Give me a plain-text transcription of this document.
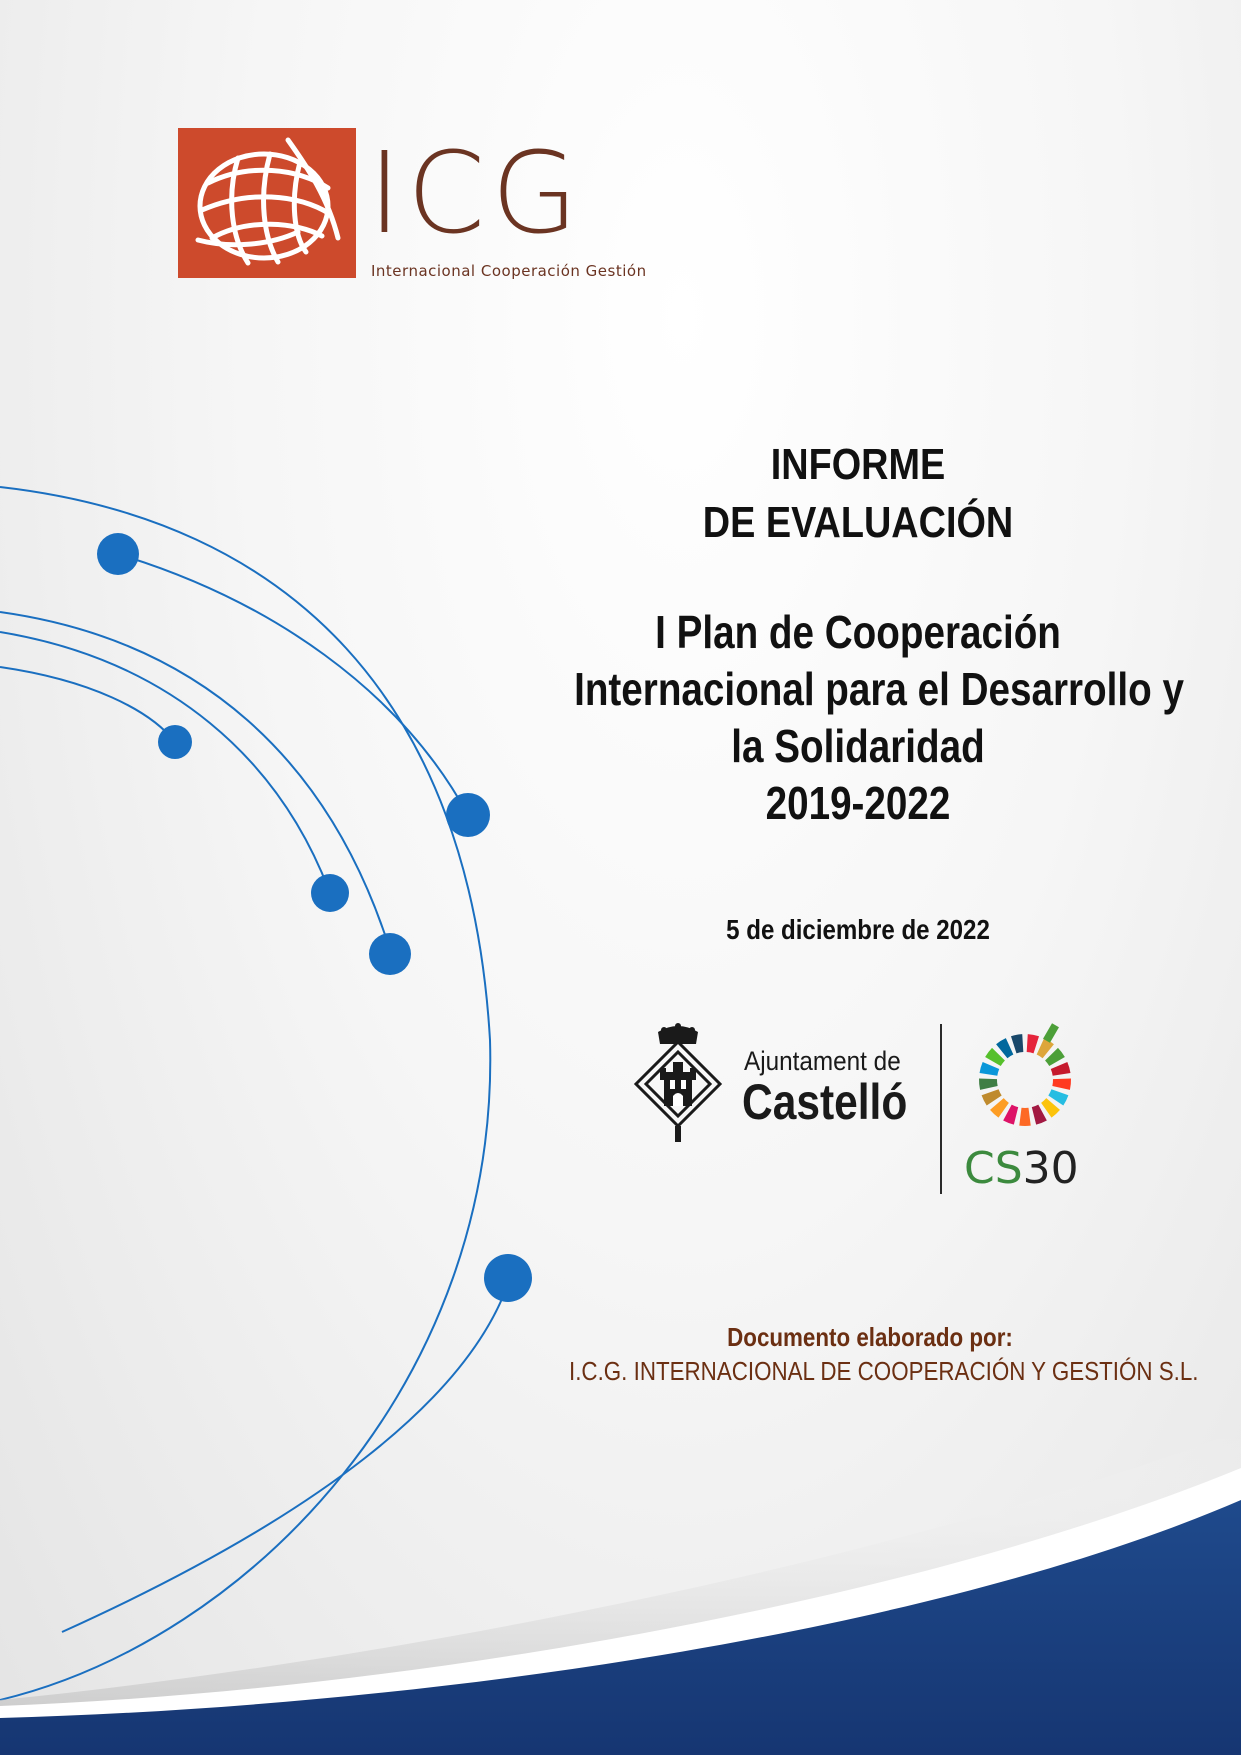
ICG
Internacional Cooperación Gestión
INFORME
DE EVALUACIÓN
I Plan de Cooperación
Internacional para el Desarrollo y
la Solidaridad
2019-2022
5 de diciembre de 2022
Ajuntament de
Castelló
CS30
Documento elaborado por:
I.C.G. INTERNACIONAL DE COOPERACIÓN Y GESTIÓN S.L.
